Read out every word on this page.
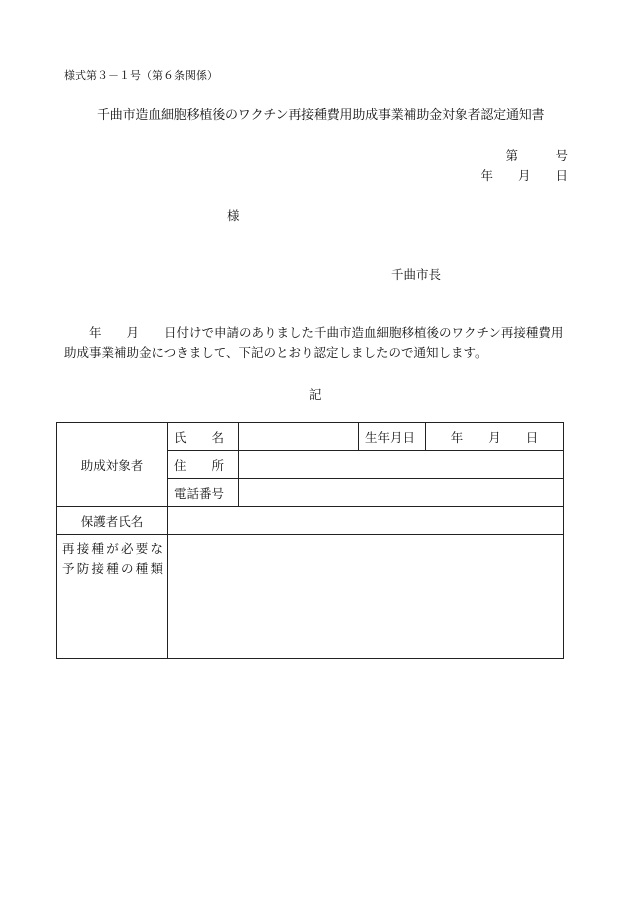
様式第３－１号（第６条関係）
千曲市造血細胞移植後のワクチン再接種費用助成事業補助金対象者認定通知書
第　　　号
年　　月　　日
様
千曲市長
年　　月　　日付けで申請のありました千曲市造血細胞移植後のワクチン再接種費用助成事業補助金につきまして、下記のとおり認定しましたので通知します。
記
助成対象者	氏 名		生年月日	年　　月　　日

	住 所			

	電話番号			
保護者氏名				

再接種が必要な
予防接種の種類				
